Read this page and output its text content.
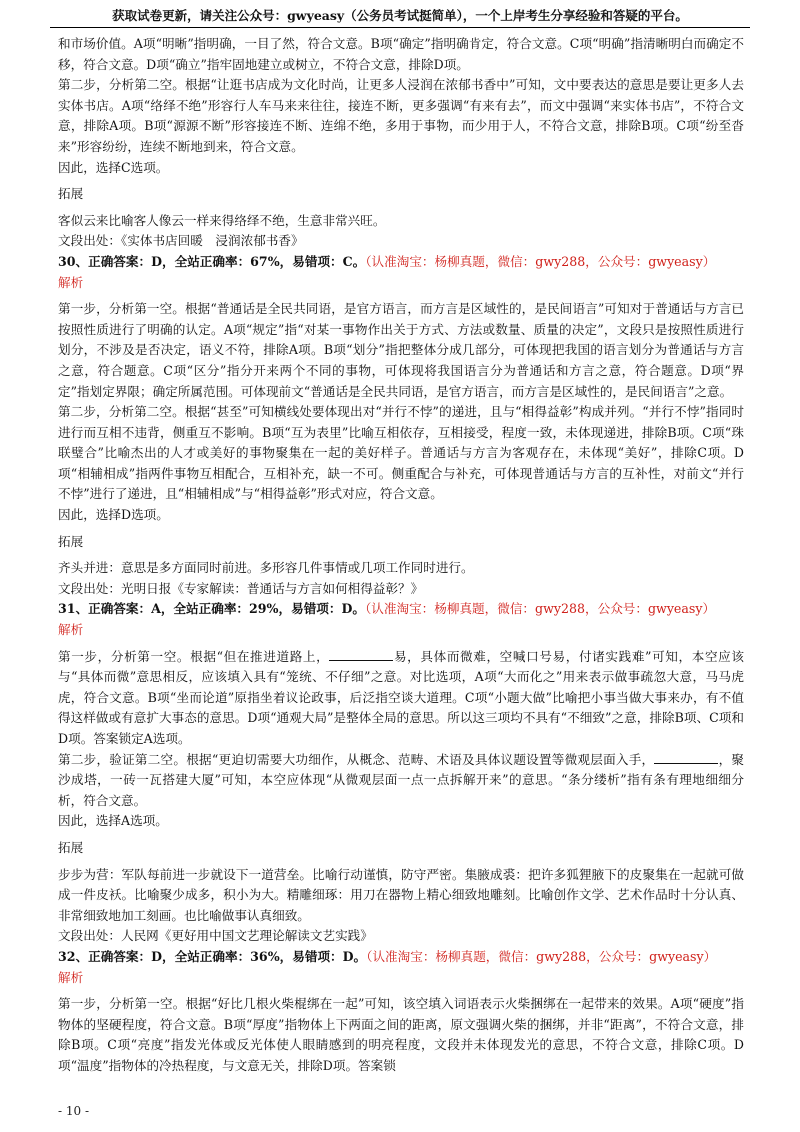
获取试卷更新，请关注公众号：gwyeasy（公务员考试挺简单），一个上岸考生分享经验和答疑的平台。

和市场价值。A项“明晰”指明确，一目了然，符合文意。B项“确定”指明确肯定，符合文意。C项“明确”指清晰明白而确定不移，符合文意。D项“确立”指牢固地建立或树立，不符合文意，排除D项。

第二步，分析第二空。根据“让逛书店成为文化时尚，让更多人浸润在浓郁书香中”可知，文中要表达的意思是要让更多人去实体书店。A项“络绎不绝”形容行人车马来来往往，接连不断，更多强调“有来有去”，而文中强调“来实体书店”，不符合文意，排除A项。B项“源源不断”形容接连不断、连绵不绝，多用于事物，而少用于人，不符合文意，排除B项。C项“纷至沓来”形容纷纷，连续不断地到来，符合文意。

因此，选择C选项。

拓展

客似云来比喻客人像云一样来得络绎不绝，生意非常兴旺。

文段出处：《实体书店回暖　浸润浓郁书香》

30、正确答案：D，全站正确率：67%，易错项：C。（认准淘宝：杨柳真题，微信：gwy288，公众号：gwyeasy）

解析

第一步，分析第一空。根据“普通话是全民共同语，是官方语言，而方言是区域性的，是民间语言”可知对于普通话与方言已按照性质进行了明确的认定。A项“规定”指“对某一事物作出关于方式、方法或数量、质量的决定”，文段只是按照性质进行划分，不涉及是否决定，语义不符，排除A项。B项“划分”指把整体分成几部分，可体现把我国的语言划分为普通话与方言之意，符合题意。C项“区分”指分开来两个不同的事物，可体现将我国语言分为普通话和方言之意，符合题意。D项“界定”指划定界限；确定所属范围。可体现前文“普通话是全民共同语，是官方语言，而方言是区域性的，是民间语言”之意。

第二步，分析第二空。根据“甚至”可知横线处要体现出对“并行不悖”的递进，且与“相得益彰”构成并列。“并行不悖”指同时进行而互相不违背，侧重互不影响。B项“互为表里”比喻互相依存，互相接受，程度一致，未体现递进，排除B项。C项“珠联璧合”比喻杰出的人才或美好的事物聚集在一起的美好样子。普通话与方言为客观存在，未体现“美好”，排除C项。D项“相辅相成”指两件事物互相配合，互相补充，缺一不可。侧重配合与补充，可体现普通话与方言的互补性，对前文“并行不悖”进行了递进，且“相辅相成”与“相得益彰”形式对应，符合文意。

因此，选择D选项。

拓展

齐头并进：意思是多方面同时前进。多形容几件事情或几项工作同时进行。

文段出处：光明日报《专家解读：普通话与方言如何相得益彰？》

31、正确答案：A，全站正确率：29%，易错项：D。（认准淘宝：杨柳真题，微信：gwy288，公众号：gwyeasy）

解析

第一步，分析第一空。根据“但在推进道路上，	易，具体而微难，空喊口号易，付诸实践难”可知，本空应该与“具体而微”意思相反，应该填入具有“笼统、不仔细”之意。对比选项，A项“大而化之”用来表示做事疏忽大意，马马虎虎，符合文意。B项“坐而论道”原指坐着议论政事，后泛指空谈大道理。C项“小题大做”比喻把小事当做大事来办，有不值得这样做或有意扩大事态的意思。D项“通观大局”是整体全局的意思。所以这三项均不具有“不细致”之意，排除B项、C项和D项。答案锁定A选项。

第二步，验证第二空。根据“更迫切需要大功细作，从概念、范畴、术语及具体议题设置等微观层面入手，	，聚沙成塔，一砖一瓦搭建大厦”可知，本空应体现“从微观层面一点一点拆解开来”的意思。“条分缕析”指有条有理地细细分析，符合文意。

因此，选择A选项。

拓展

步步为营：军队每前进一步就设下一道营垒。比喻行动谨慎，防守严密。集腋成裘：把许多狐狸腋下的皮聚集在一起就可做成一件皮袄。比喻聚少成多，积小为大。精雕细琢：用刀在器物上精心细致地雕刻。比喻创作文学、艺术作品时十分认真、非常细致地加工刻画。也比喻做事认真细致。

文段出处：人民网《更好用中国文艺理论解读文艺实践》

32、正确答案：D，全站正确率：36%，易错项：D。（认准淘宝：杨柳真题，微信：gwy288，公众号：gwyeasy）

解析

第一步，分析第一空。根据“好比几根火柴棍绑在一起”可知，该空填入词语表示火柴捆绑在一起带来的效果。A项“硬度”指物体的坚硬程度，符合文意。B项“厚度”指物体上下两面之间的距离，原文强调火柴的捆绑，并非“距离”，不符合文意，排除B项。C项“亮度”指发光体或反光体使人眼睛感到的明亮程度，文段并未体现发光的意思，不符合文意，排除C项。D项“温度”指物体的冷热程度，与文意无关，排除D项。答案锁

- 10 -
